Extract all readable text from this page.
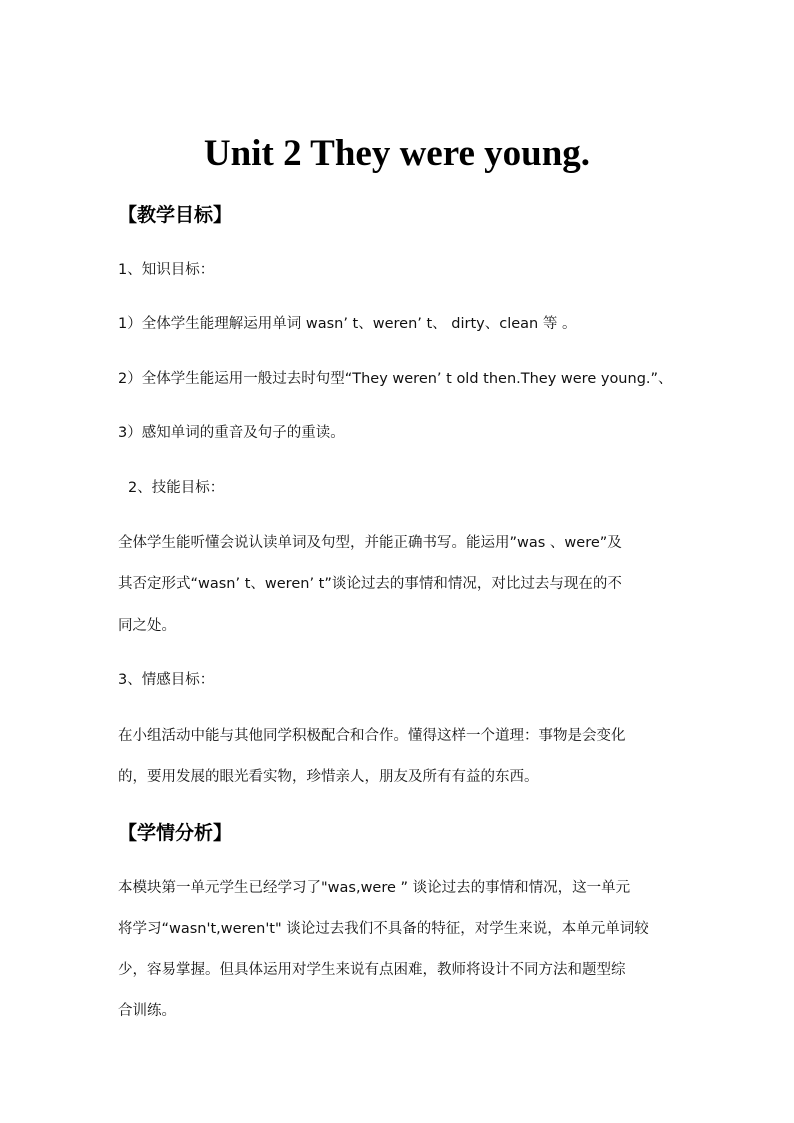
Unit 2 They were young.
【教学目标】
1、知识目标：
1）全体学生能理解运用单词 wasn’ t、weren’ t、 dirty、clean 等 。
2）全体学生能运用一般过去时句型“They weren’ t old then.They were young.”、
3）感知单词的重音及句子的重读。
2、技能目标：
全体学生能听懂会说认读单词及句型，并能正确书写。能运用”was 、were”及
其否定形式“wasn’ t、weren’ t”谈论过去的事情和情况，对比过去与现在的不
同之处。
3、情感目标：
在小组活动中能与其他同学积极配合和合作。懂得这样一个道理：事物是会变化
的，要用发展的眼光看实物，珍惜亲人，朋友及所有有益的东西。
【学情分析】
本模块第一单元学生已经学习了"was,were ” 谈论过去的事情和情况，这一单元
将学习“wasn't,weren't" 谈论过去我们不具备的特征，对学生来说，本单元单词较
少，容易掌握。但具体运用对学生来说有点困难，教师将设计不同方法和题型综
合训练。
